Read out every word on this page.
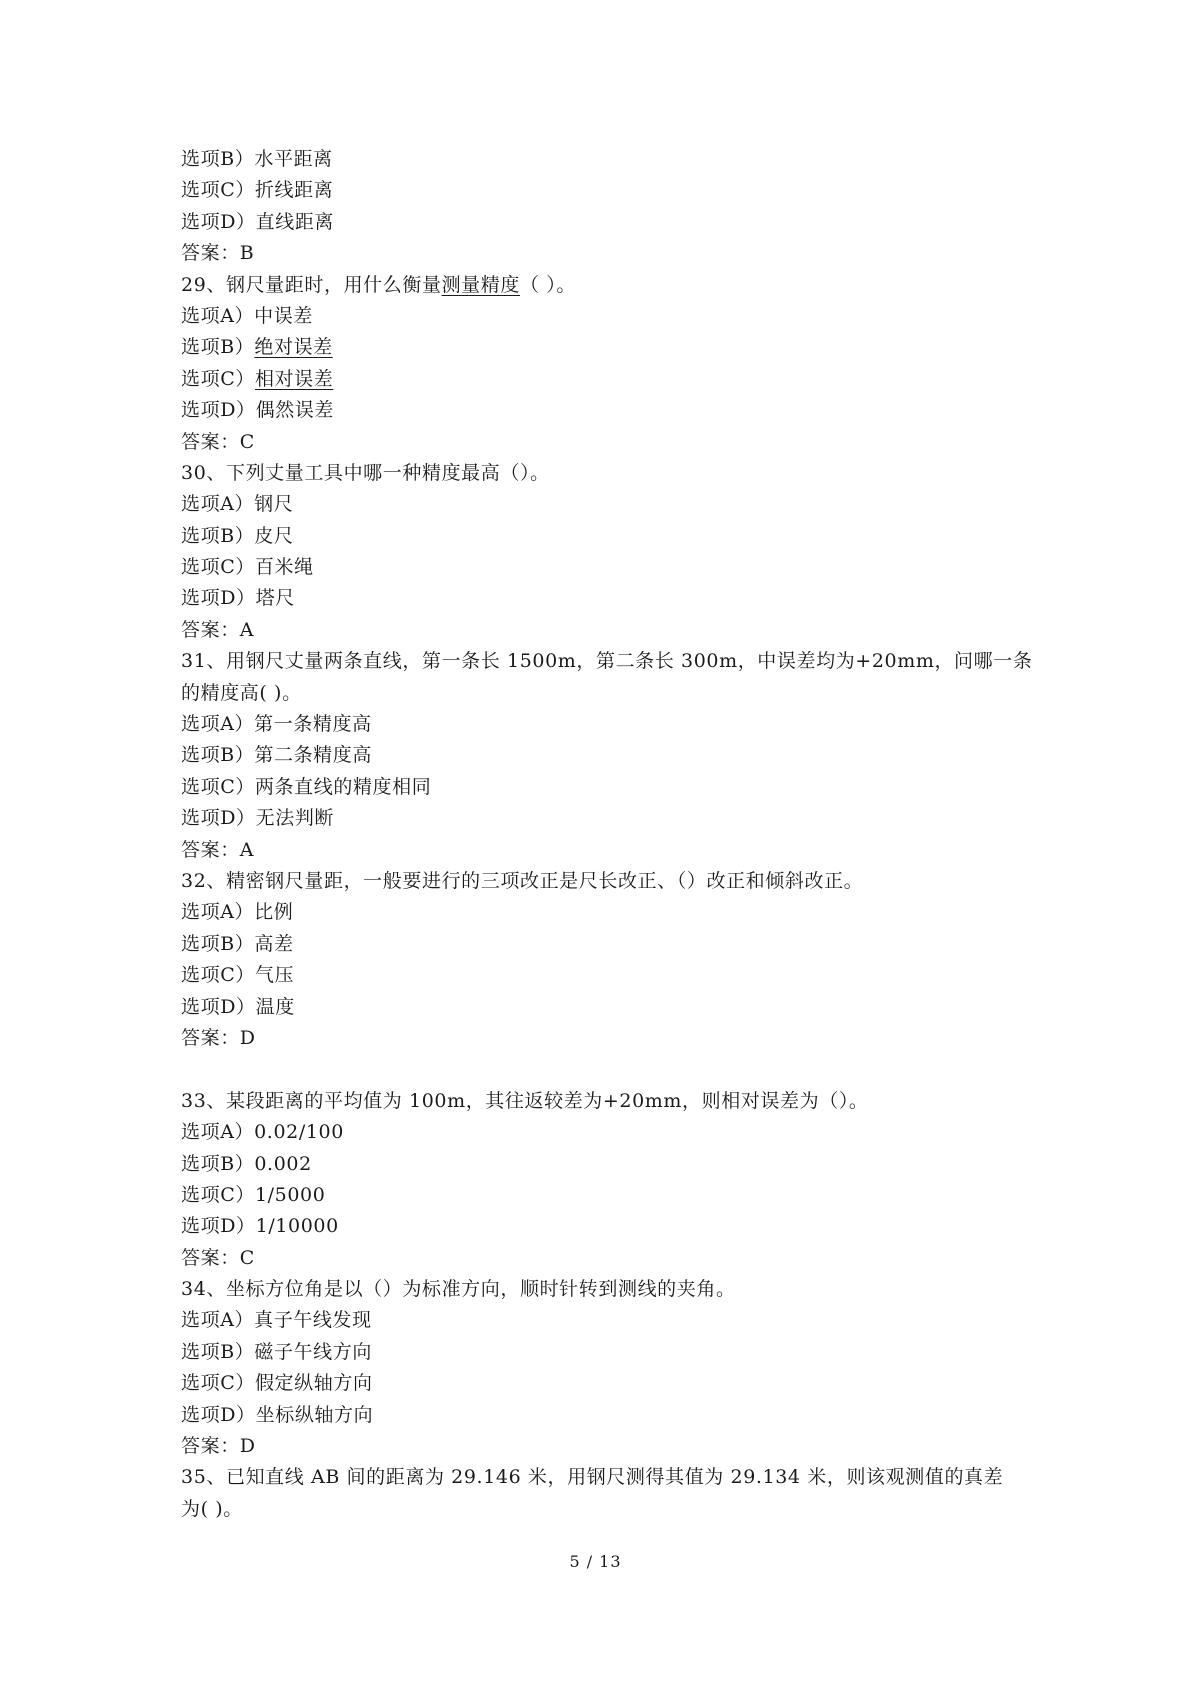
选项B）水平距离
选项C）折线距离
选项D）直线距离
答案：B
29、钢尺量距时，用什么衡量测量精度（ ）。
选项A）中误差
选项B）绝对误差
选项C）相对误差
选项D）偶然误差
答案：C
30、下列丈量工具中哪一种精度最高（）。
选项A）钢尺
选项B）皮尺
选项C）百米绳
选项D）塔尺
答案：A
31、用钢尺丈量两条直线，第一条长 1500m，第二条长 300m，中误差均为+20mm，问哪一条
的精度高( )。
选项A）第一条精度高
选项B）第二条精度高
选项C）两条直线的精度相同
选项D）无法判断
答案：A
32、精密钢尺量距，一般要进行的三项改正是尺长改正、（）改正和倾斜改正。
选项A）比例
选项B）高差
选项C）气压
选项D）温度
答案：D
33、某段距离的平均值为 100m，其往返较差为+20mm，则相对误差为（）。
选项A）0.02/100
选项B）0.002
选项C）1/5000
选项D）1/10000
答案：C
34、坐标方位角是以（）为标准方向，顺时针转到测线的夹角。
选项A）真子午线发现
选项B）磁子午线方向
选项C）假定纵轴方向
选项D）坐标纵轴方向
答案：D
35、已知直线 AB 间的距离为 29.146 米，用钢尺测得其值为 29.134 米，则该观测值的真差
为( )。
5 / 13
